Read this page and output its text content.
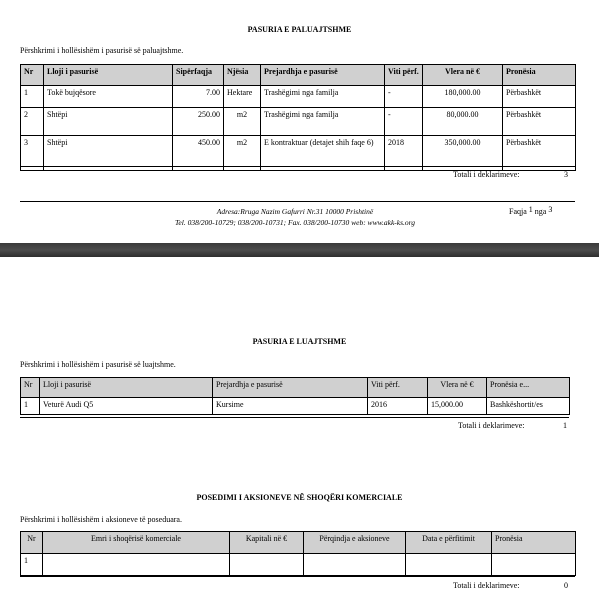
PASURIA E PALUAJTSHME
Përshkrimi i hollësishëm i pasurisë së paluajtshme.
Nr	Lloji i pasurisë	Sipërfaqja	Njësia	Prejardhja e pasurisë	Viti përf.	Vlera në €	Pronësia
1	Tokë bujqësore	7.00	Hektare	Trashëgimi nga familja	-	180,000.00	Përbashkët
2	Shtëpi	250.00	m2	Trashëgimi nga familja	-	80,000.00	Përbashkët
3	Shtëpi	450.00	m2	E kontraktuar (detajet shih faqe 6)	2018	350,000.00	Përbashkët
Totali i deklarimeve:	3
Adresa:Rruga Nazim Gafurri Nr.31 10000 Prishtinë
Tel. 038/200-10729; 038/200-10731; Fax. 038/200-10730 web: www.akk-ks.org
Faqja 1 nga 3
PASURIA E LUAJTSHME
Përshkrimi i hollësishëm i pasurisë së luajtshme.
Nr	Lloji i pasurisë	Prejardhja e pasurisë	Viti përf.	Vlera në €	Pronësia e...
1	Veturë Audi Q5	Kursime	2016	15,000.00	Bashkëshortit/es
Totali i deklarimeve:	1
POSEDIMI I AKSIONEVE NË SHOQËRI KOMERCIALE
Përshkrimi i hollësishëm i aksioneve të poseduara.
Nr	Emri i shoqërisë komerciale	Kapitali në €	Përqindja e aksioneve	Data e përfitimit	Pronësia
1					
Totali i deklarimeve:	0
